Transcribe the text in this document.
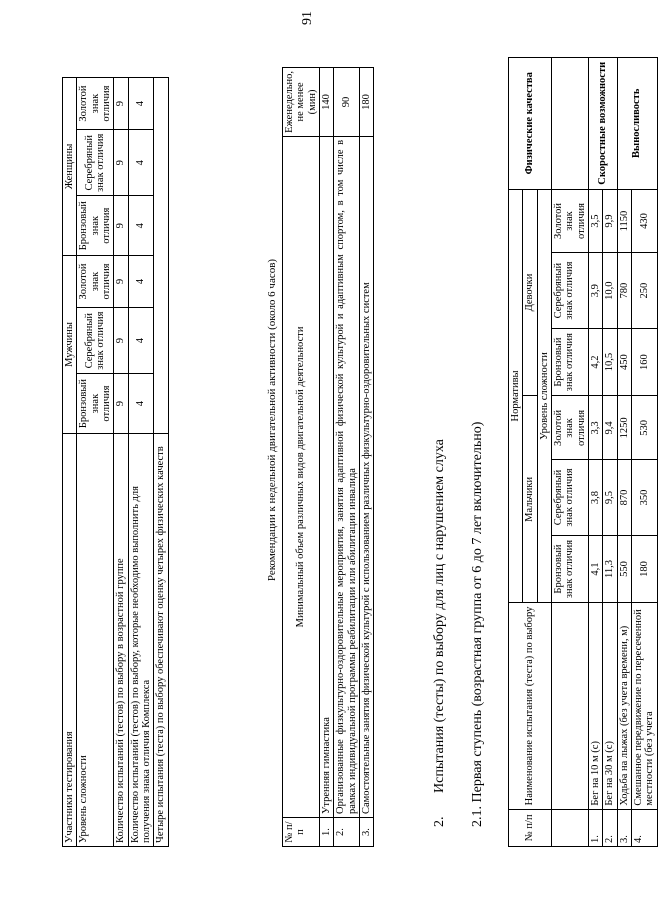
91
Участники тестирования	Мужчины			Женщины		
Уровень сложности	Бронзовый знак отличия	Серебряный знак отличия	Золотой знак отличия	Бронзовый знак отличия	Серебряный знак отличия	Золотой знак отличия
Количество испытаний (тестов) по выбору в возрастной группе	9	9	9	9	9	9
Количество испытаний (тестов) по выбору, которые необходимо выполнить для получения знака отличия Комплекса	4	4	4	4	4	4
Четыре испытания (теста) по выбору обеспечивают оценку четырех физических качеств						
Рекомендации к недельной двигательной активности (около 6 часов)
№ п/п	Минимальный объем различных видов двигательной деятельности	Еженедельно, не менее (мин)
1.	Утренняя гимнастика	140
2.	Организованные физкультурно-оздоровительные мероприятия, занятия адаптивной физической культурой и адаптивным спортом, в том числе в рамках индивидуальной программы реабилитации или абилитации инвалида	90
3.	Самостоятельные занятия физической культурой с использованием различных физкультурно-оздоровительных систем	180
2.
Испытания (тесты) по выбору для лиц с нарушением слуха 2.1. Первая ступень (возрастная группа от 6 до 7 лет включительно)
№ п/п	Наименование испытания (теста) по выбору	Нормативы						Физические качества
		Мальчики			Девочки			
		Уровень сложности						
		Бронзовый знак отличия	Серебряный знак отличия	Золотой знак отличия	Бронзовый знак отличия	Серебряный знак отличия	Золотой знак отличия	
1.	Бег на 10 м (с)	4,1	3,8	3,3	4,2	3,9	3,5	Скоростные возможности
2.	Бег на 30 м (с)	11,3	9,5	9,4	10,5	10,0	9,9	
3.	Ходьба на лыжах (без учета времени, м)	550	870	1250	450	780	1150	Выносливость
4.	Смешанное передвижение по пересеченной местности (без учета	180	350	530	160	250	430	
